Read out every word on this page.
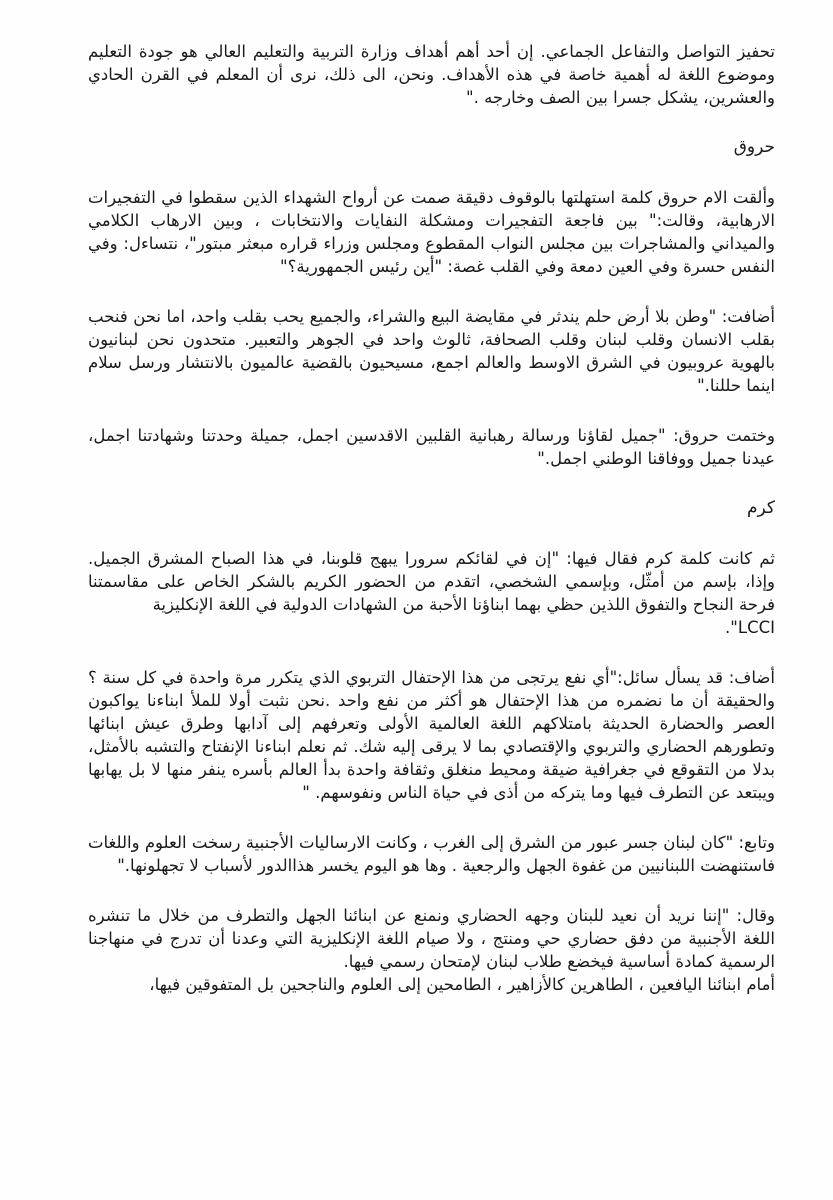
تحفيز التواصل والتفاعل الجماعي. إن أحد أهم أهداف وزارة التربية والتعليم العالي هو جودة التعليم وموضوع اللغة له أهمية خاصة في هذه الأهداف. ونحن، الى ذلك، نرى أن المعلم في القرن الحادي والعشرين، يشكل جسرا بين الصف وخارجه ."

حروق

وألقت الام حروق كلمة استهلتها بالوقوف دقيقة صمت عن أرواح الشهداء الذين سقطوا في التفجيرات الارهابية، وقالت:" بين فاجعة التفجيرات ومشكلة النفايات والانتخابات ، وبين الارهاب الكلامي والميداني والمشاجرات بين مجلس النواب المقطوع ومجلس وزراء قراره مبعثر مبتور"، نتساءل: وفي النفس حسرة وفي العين دمعة وفي القلب غصة: "أين رئيس الجمهورية؟"

أضافت: "وطن بلا أرض حلم يندثر في مقايضة البيع والشراء، والجميع يحب بقلب واحد، اما نحن فنحب بقلب الانسان وقلب لبنان وقلب الصحافة، ثالوث واحد في الجوهر والتعبير. متحدون نحن لبنانيون بالهوية عروبيون في الشرق الاوسط والعالم اجمع، مسيحيون بالقضية عالميون بالانتشار ورسل سلام اينما حللنا."

وختمت حروق: "جميل لقاؤنا ورسالة رهبانية القلبين الاقدسين اجمل، جميلة وحدتنا وشهادتنا اجمل، عيدنا جميل ووفاقنا الوطني اجمل."

كرم

ثم كانت كلمة كرم فقال فيها: "إن في لقائكم سرورا يبهج قلوبنا، في هذا الصباح المشرق الجميل. وإذا، بإسم من أمثّل، وبإسمي الشخصي، اتقدم من الحضور الكريم بالشكر الخاص على مقاسمتنا فرحة النجاح والتفوق اللذين حظي بهما ابناؤنا الأحبة من الشهادات الدولية في اللغة الإنكليزية

LCCI".

أضاف: قد يسأل سائل:"أي نفع يرتجى من هذا الإحتفال التربوي الذي يتكرر مرة واحدة في كل سنة ؟ والحقيقة أن ما نضمره من هذا الإحتفال هو أكثر من نفع واحد .نحن نثبت أولا للملأ ابناءنا يواكبون العصر والحضارة الحديثة بامتلاكهم اللغة العالمية الأولى وتعرفهم إلى آدابها وطرق عيش ابنائها وتطورهم الحضاري والتربوي والإقتصادي بما لا يرقى إليه شك. ثم نعلم ابناءنا الإنفتاح والتشبه بالأمثل، بدلا من التقوقع في جغرافية ضيقة ومحيط منغلق وثقافة واحدة بدأ العالم بأسره ينفر منها لا بل يهابها ويبتعد عن التطرف فيها وما يتركه من أذى في حياة الناس ونفوسهم. "

وتابع: "كان لبنان جسر عبور من الشرق إلى الغرب ، وكانت الارساليات الأجنبية رسخت العلوم واللغات فاستنهضت اللبنانيين من غفوة الجهل والرجعية . وها هو اليوم يخسر هذاالدور لأسباب لا تجهلونها."

وقال: "إننا نريد أن نعيد للبنان وجهه الحضاري ونمنع عن ابنائنا الجهل والتطرف من خلال ما تنشره اللغة الأجنبية من دفق حضاري حي ومنتج ، ولا صيام اللغة الإنكليزية التي وعدنا أن تدرج في منهاجنا الرسمية كمادة أساسية فيخضع طلاب لبنان لإمتحان رسمي فيها.

أمام ابنائنا اليافعين ، الطاهرين كالأزاهير ، الطامحين إلى العلوم والناجحين بل المتفوقين فيها،
